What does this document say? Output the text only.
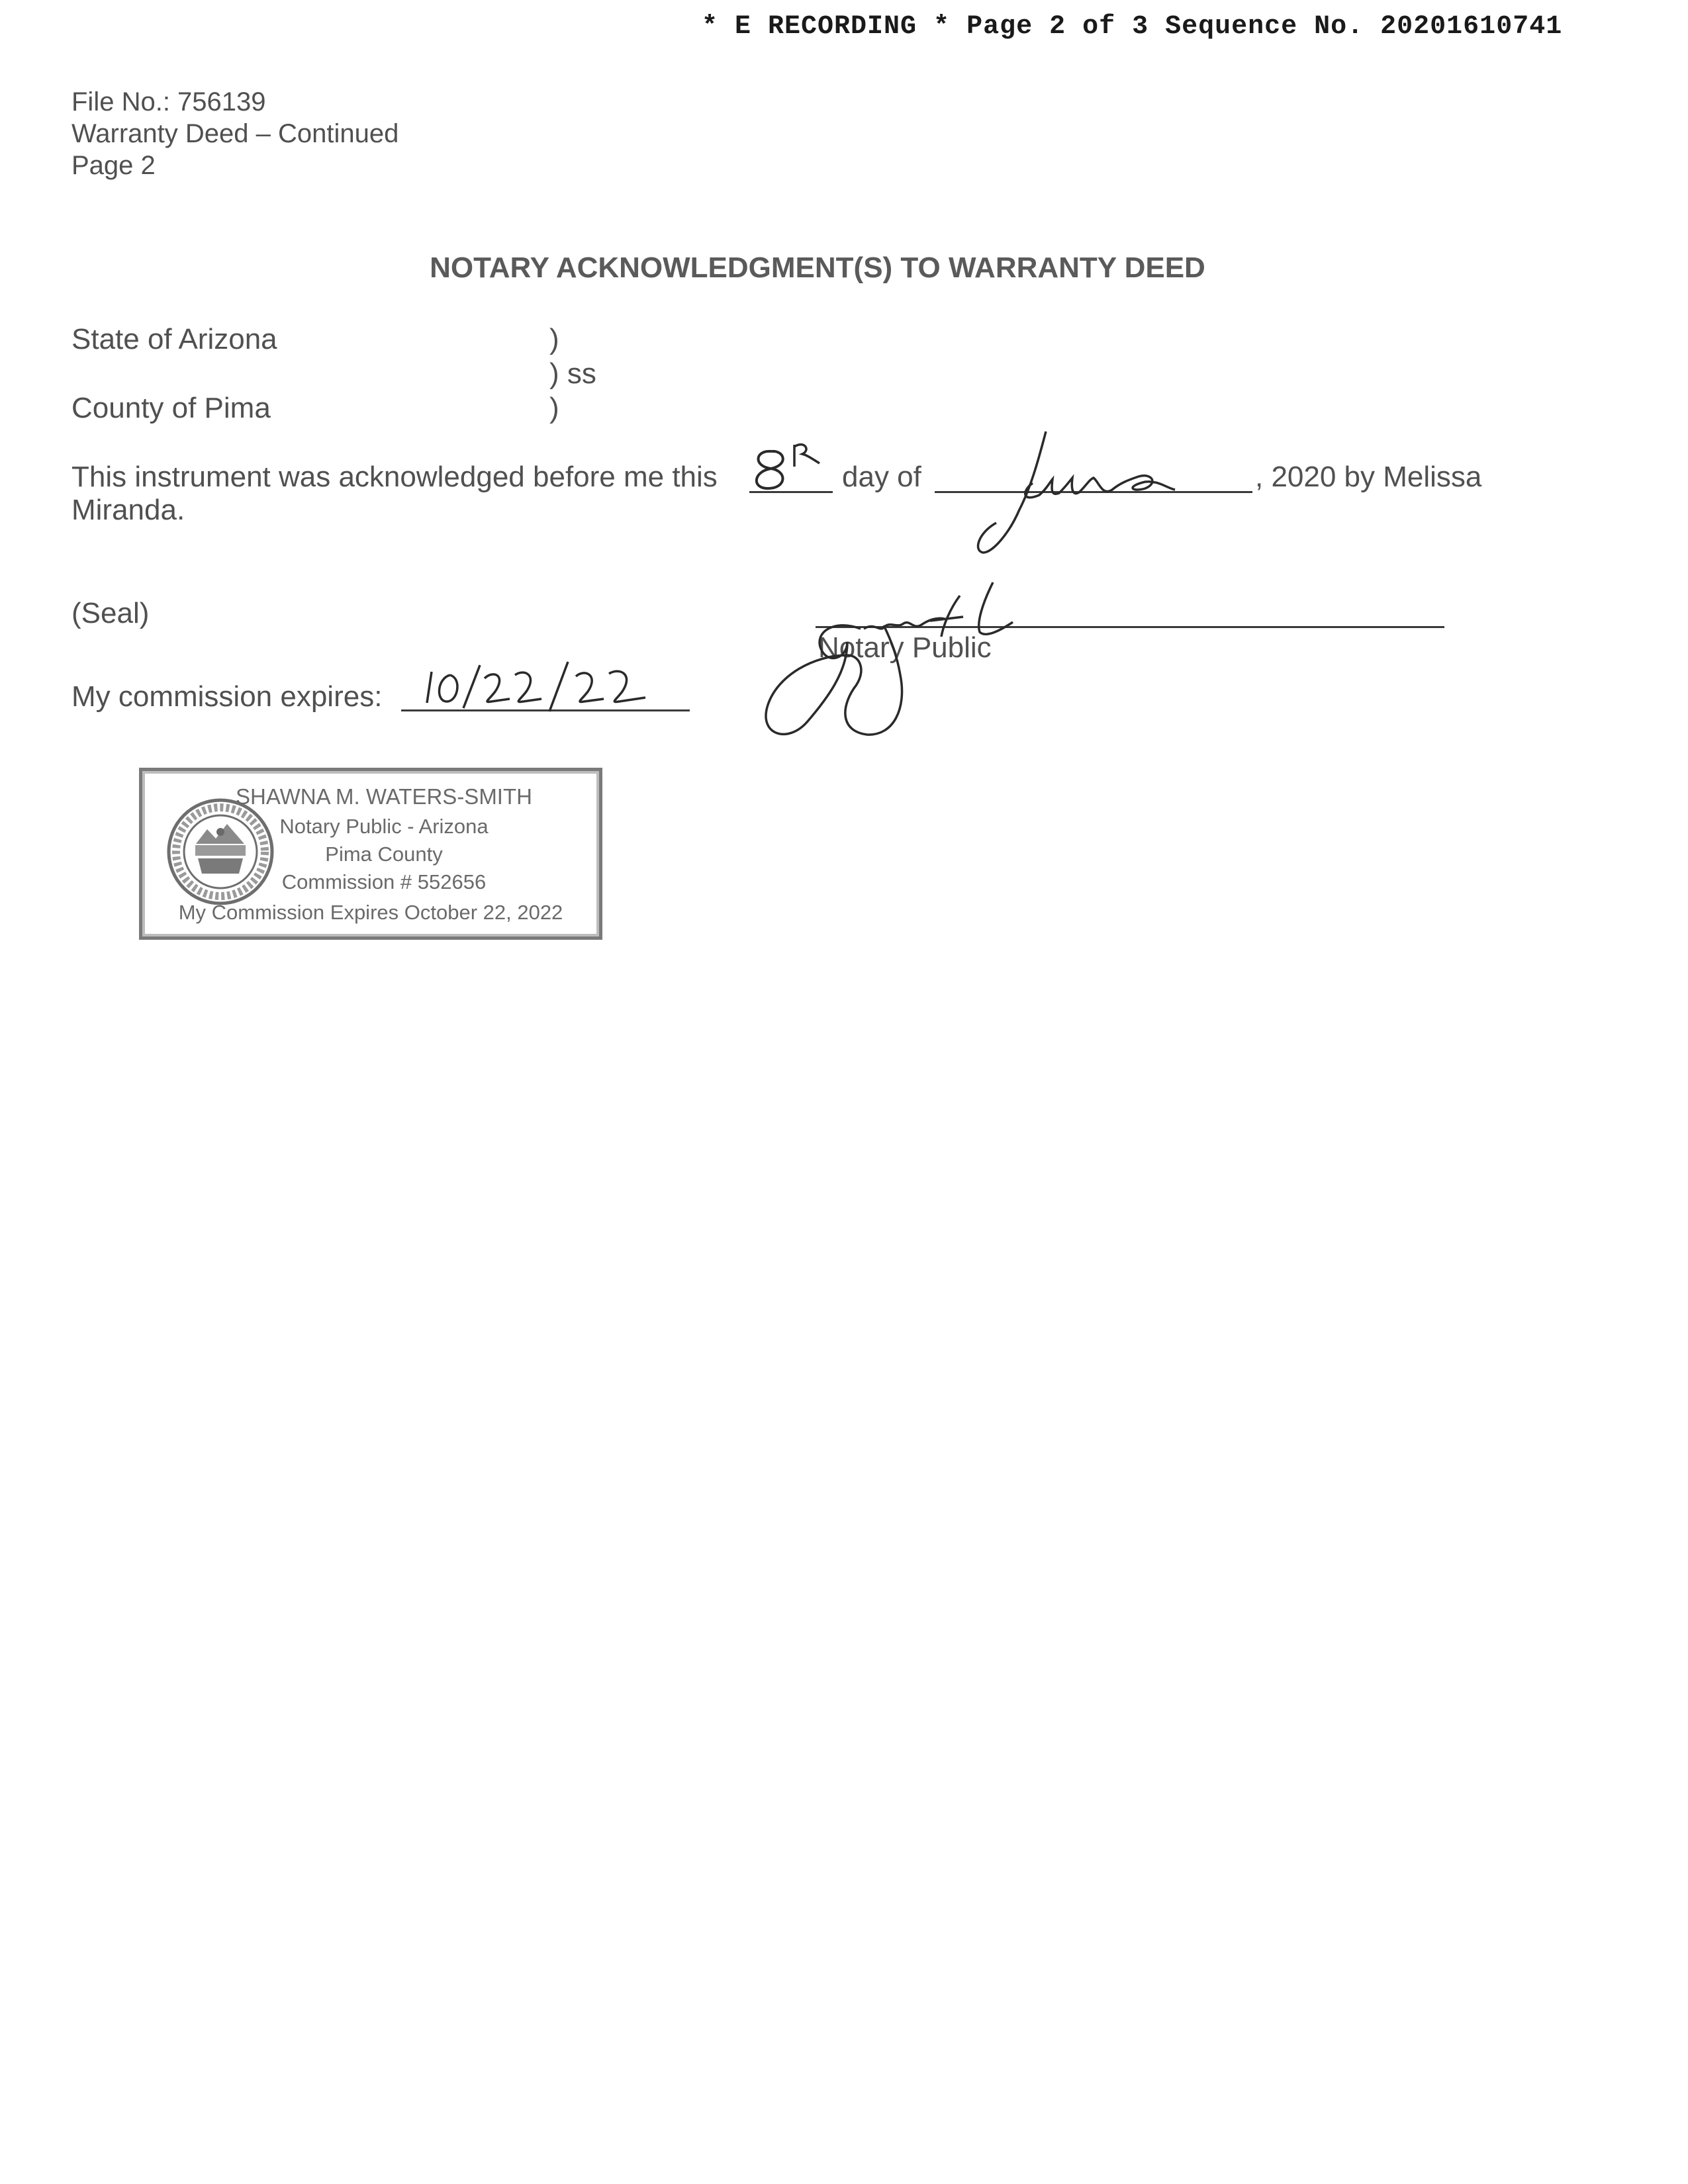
* E RECORDING * Page 2 of 3 Sequence No. 20201610741
File No.: 756139
Warranty Deed – Continued
Page 2
NOTARY ACKNOWLEDGMENT(S) TO WARRANTY DEED
State of Arizona
County of Pima
)
) ss
)
This instrument was acknowledged before me this	day of	, 2020 by Melissa
Miranda.
(Seal)
Notary Public
My commission expires:
SHAWNA M. WATERS-SMITH
Notary Public - Arizona
Pima County
Commission # 552656
My Commission Expires October 22, 2022
